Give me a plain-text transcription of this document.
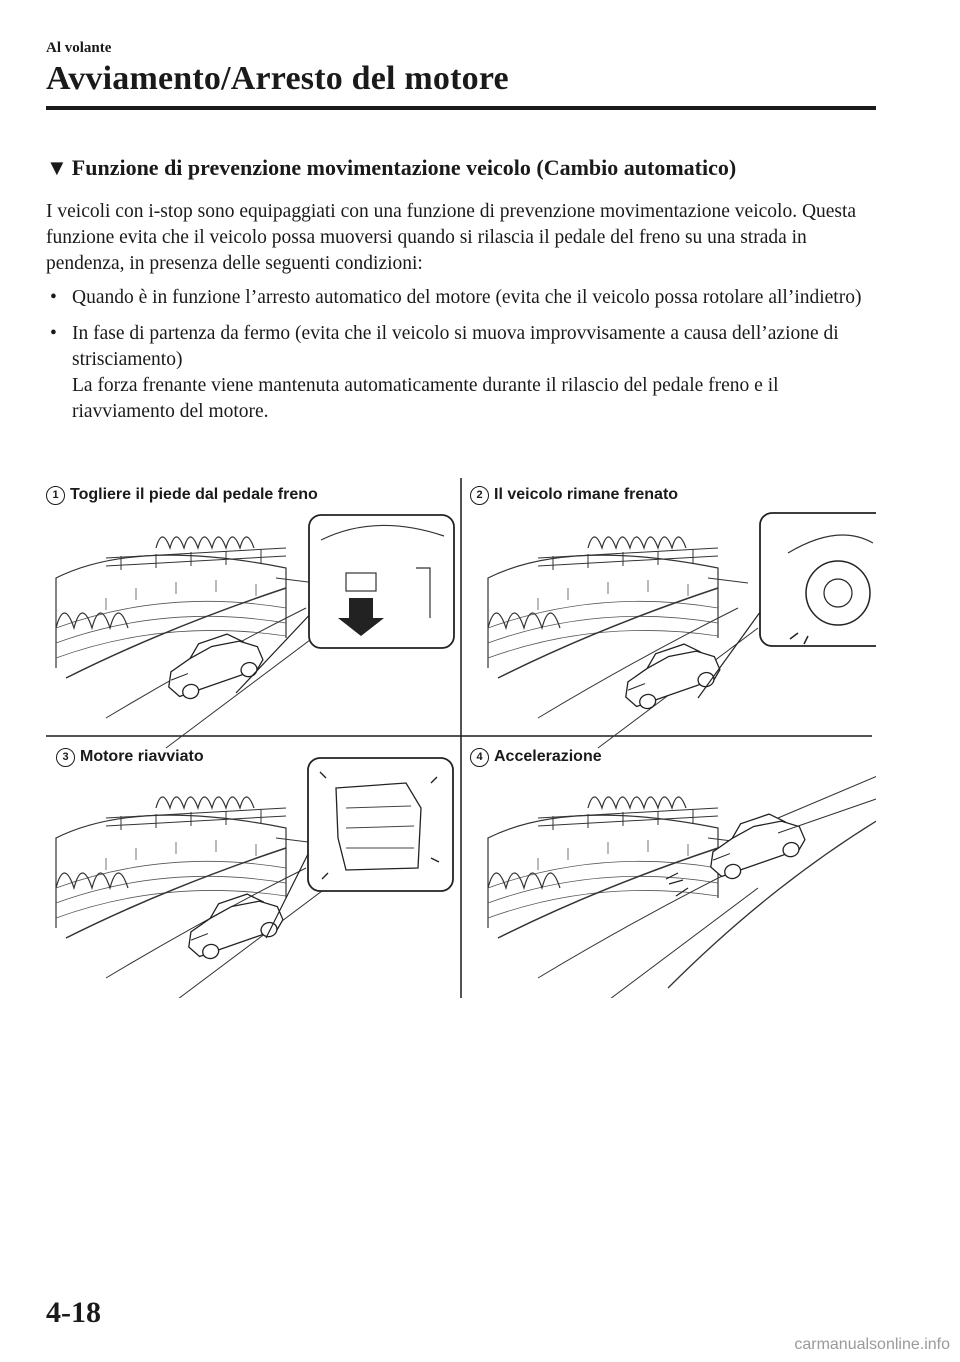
Al volante
Avviamento/Arresto del motore
▼ Funzione di prevenzione movimentazione veicolo (Cambio automatico)
I veicoli con i-stop sono equipaggiati con una funzione di prevenzione movimentazione veicolo. Questa funzione evita che il veicolo possa muoversi quando si rilascia il pedale del freno su una strada in pendenza, in presenza delle seguenti condizioni:
• Quando è in funzione l’arresto automatico del motore (evita che il veicolo possa rotolare all’indietro)
• In fase di partenza da fermo (evita che il veicolo si muova improvvisamente a causa dell’azione di strisciamento)
La forza frenante viene mantenuta automaticamente durante il rilascio del pedale freno e il riavviamento del motore.
1 Togliere il piede dal pedale freno	2 Il veicolo rimane frenato
3 Motore riavviato	4 Accelerazione
4-18
carmanualsonline.info
